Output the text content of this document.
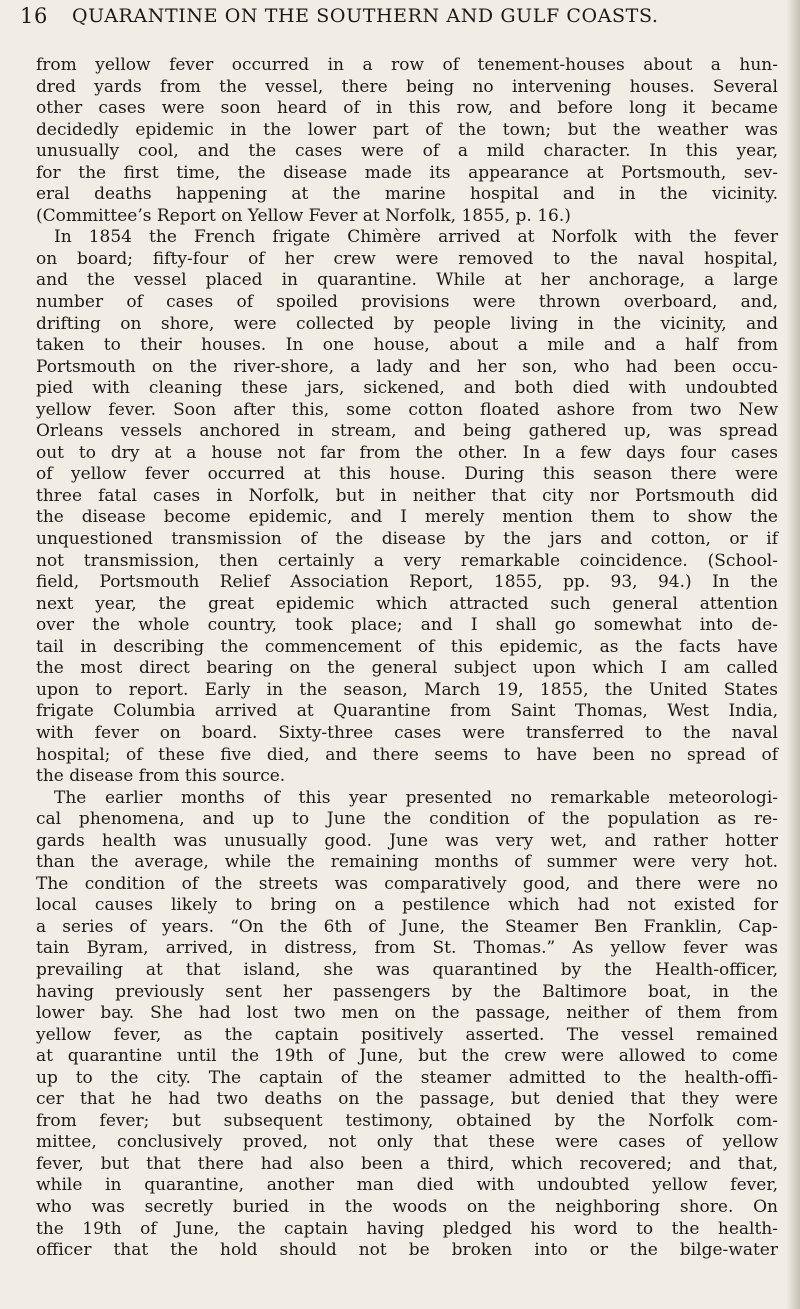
16 QUARANTINE ON THE SOUTHERN AND GULF COASTS.
from yellow fever occurred in a row of tenement-houses about a hun-
dred yards from the vessel, there being no intervening houses. Several
other cases were soon heard of in this row, and before long it became
decidedly epidemic in the lower part of the town; but the weather was
unusually cool, and the cases were of a mild character. In this year,
for the first time, the disease made its appearance at Portsmouth, sev-
eral deaths happening at the marine hospital and in the vicinity.
(Committee’s Report on Yellow Fever at Norfolk, 1855, p. 16.)
In 1854 the French frigate Chimère arrived at Norfolk with the fever
on board; fifty-four of her crew were removed to the naval hospital,
and the vessel placed in quarantine. While at her anchorage, a large
number of cases of spoiled provisions were thrown overboard, and,
drifting on shore, were collected by people living in the vicinity, and
taken to their houses. In one house, about a mile and a half from
Portsmouth on the river-shore, a lady and her son, who had been occu-
pied with cleaning these jars, sickened, and both died with undoubted
yellow fever. Soon after this, some cotton floated ashore from two New
Orleans vessels anchored in stream, and being gathered up, was spread
out to dry at a house not far from the other. In a few days four cases
of yellow fever occurred at this house. During this season there were
three fatal cases in Norfolk, but in neither that city nor Portsmouth did
the disease become epidemic, and I merely mention them to show the
unquestioned transmission of the disease by the jars and cotton, or if
not transmission, then certainly a very remarkable coincidence. (School-
field, Portsmouth Relief Association Report, 1855, pp. 93, 94.) In the
next year, the great epidemic which attracted such general attention
over the whole country, took place; and I shall go somewhat into de-
tail in describing the commencement of this epidemic, as the facts have
the most direct bearing on the general subject upon which I am called
upon to report. Early in the season, March 19, 1855, the United States
frigate Columbia arrived at Quarantine from Saint Thomas, West India,
with fever on board. Sixty-three cases were transferred to the naval
hospital; of these five died, and there seems to have been no spread of
the disease from this source.
The earlier months of this year presented no remarkable meteorologi-
cal phenomena, and up to June the condition of the population as re-
gards health was unusually good. June was very wet, and rather hotter
than the average, while the remaining months of summer were very hot.
The condition of the streets was comparatively good, and there were no
local causes likely to bring on a pestilence which had not existed for
a series of years. “On the 6th of June, the Steamer Ben Franklin, Cap-
tain Byram, arrived, in distress, from St. Thomas.” As yellow fever was
prevailing at that island, she was quarantined by the Health-officer,
having previously sent her passengers by the Baltimore boat, in the
lower bay. She had lost two men on the passage, neither of them from
yellow fever, as the captain positively asserted. The vessel remained
at quarantine until the 19th of June, but the crew were allowed to come
up to the city. The captain of the steamer admitted to the health-offi-
cer that he had two deaths on the passage, but denied that they were
from fever; but subsequent testimony, obtained by the Norfolk com-
mittee, conclusively proved, not only that these were cases of yellow
fever, but that there had also been a third, which recovered; and that,
while in quarantine, another man died with undoubted yellow fever,
who was secretly buried in the woods on the neighboring shore. On
the 19th of June, the captain having pledged his word to the health-
officer that the hold should not be broken into or the bilge-water
